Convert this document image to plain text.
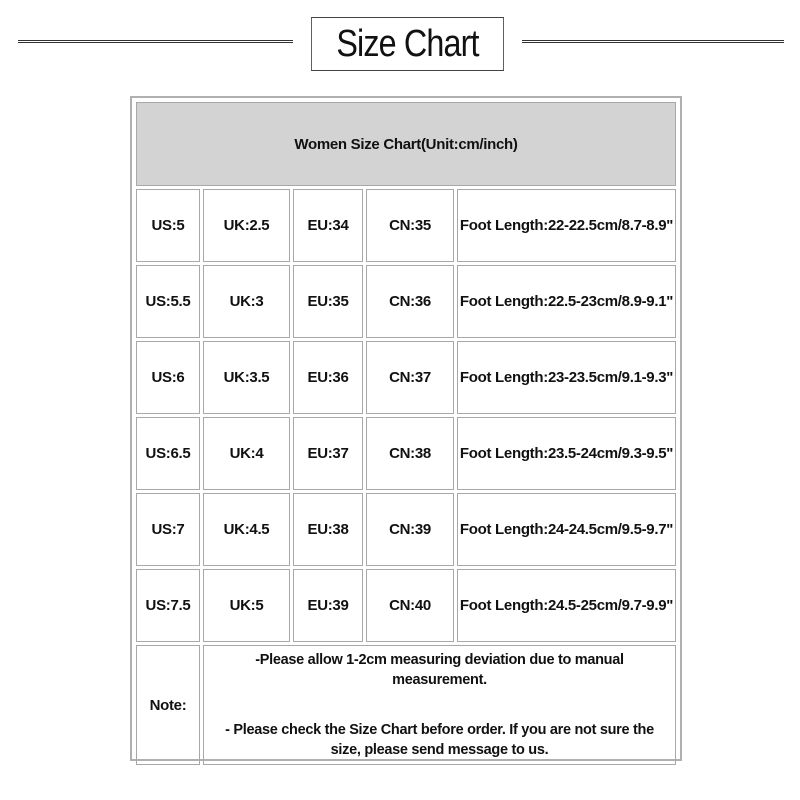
Size Chart
Women Size Chart(Unit:cm/inch)				
US:5	UK:2.5	EU:34	CN:35	Foot Length:22-22.5cm/8.7-8.9"
US:5.5	UK:3	EU:35	CN:36	Foot Length:22.5-23cm/8.9-9.1"
US:6	UK:3.5	EU:36	CN:37	Foot Length:23-23.5cm/9.1-9.3"
US:6.5	UK:4	EU:37	CN:38	Foot Length:23.5-24cm/9.3-9.5"
US:7	UK:4.5	EU:38	CN:39	Foot Length:24-24.5cm/9.5-9.7"
US:7.5	UK:5	EU:39	CN:40	Foot Length:24.5-25cm/9.7-9.9"
Note:	-Please allow 1-2cm measuring deviation due to manual measurement.
- Please check the Size Chart before order. If you are not sure the size, please send message to us.			
